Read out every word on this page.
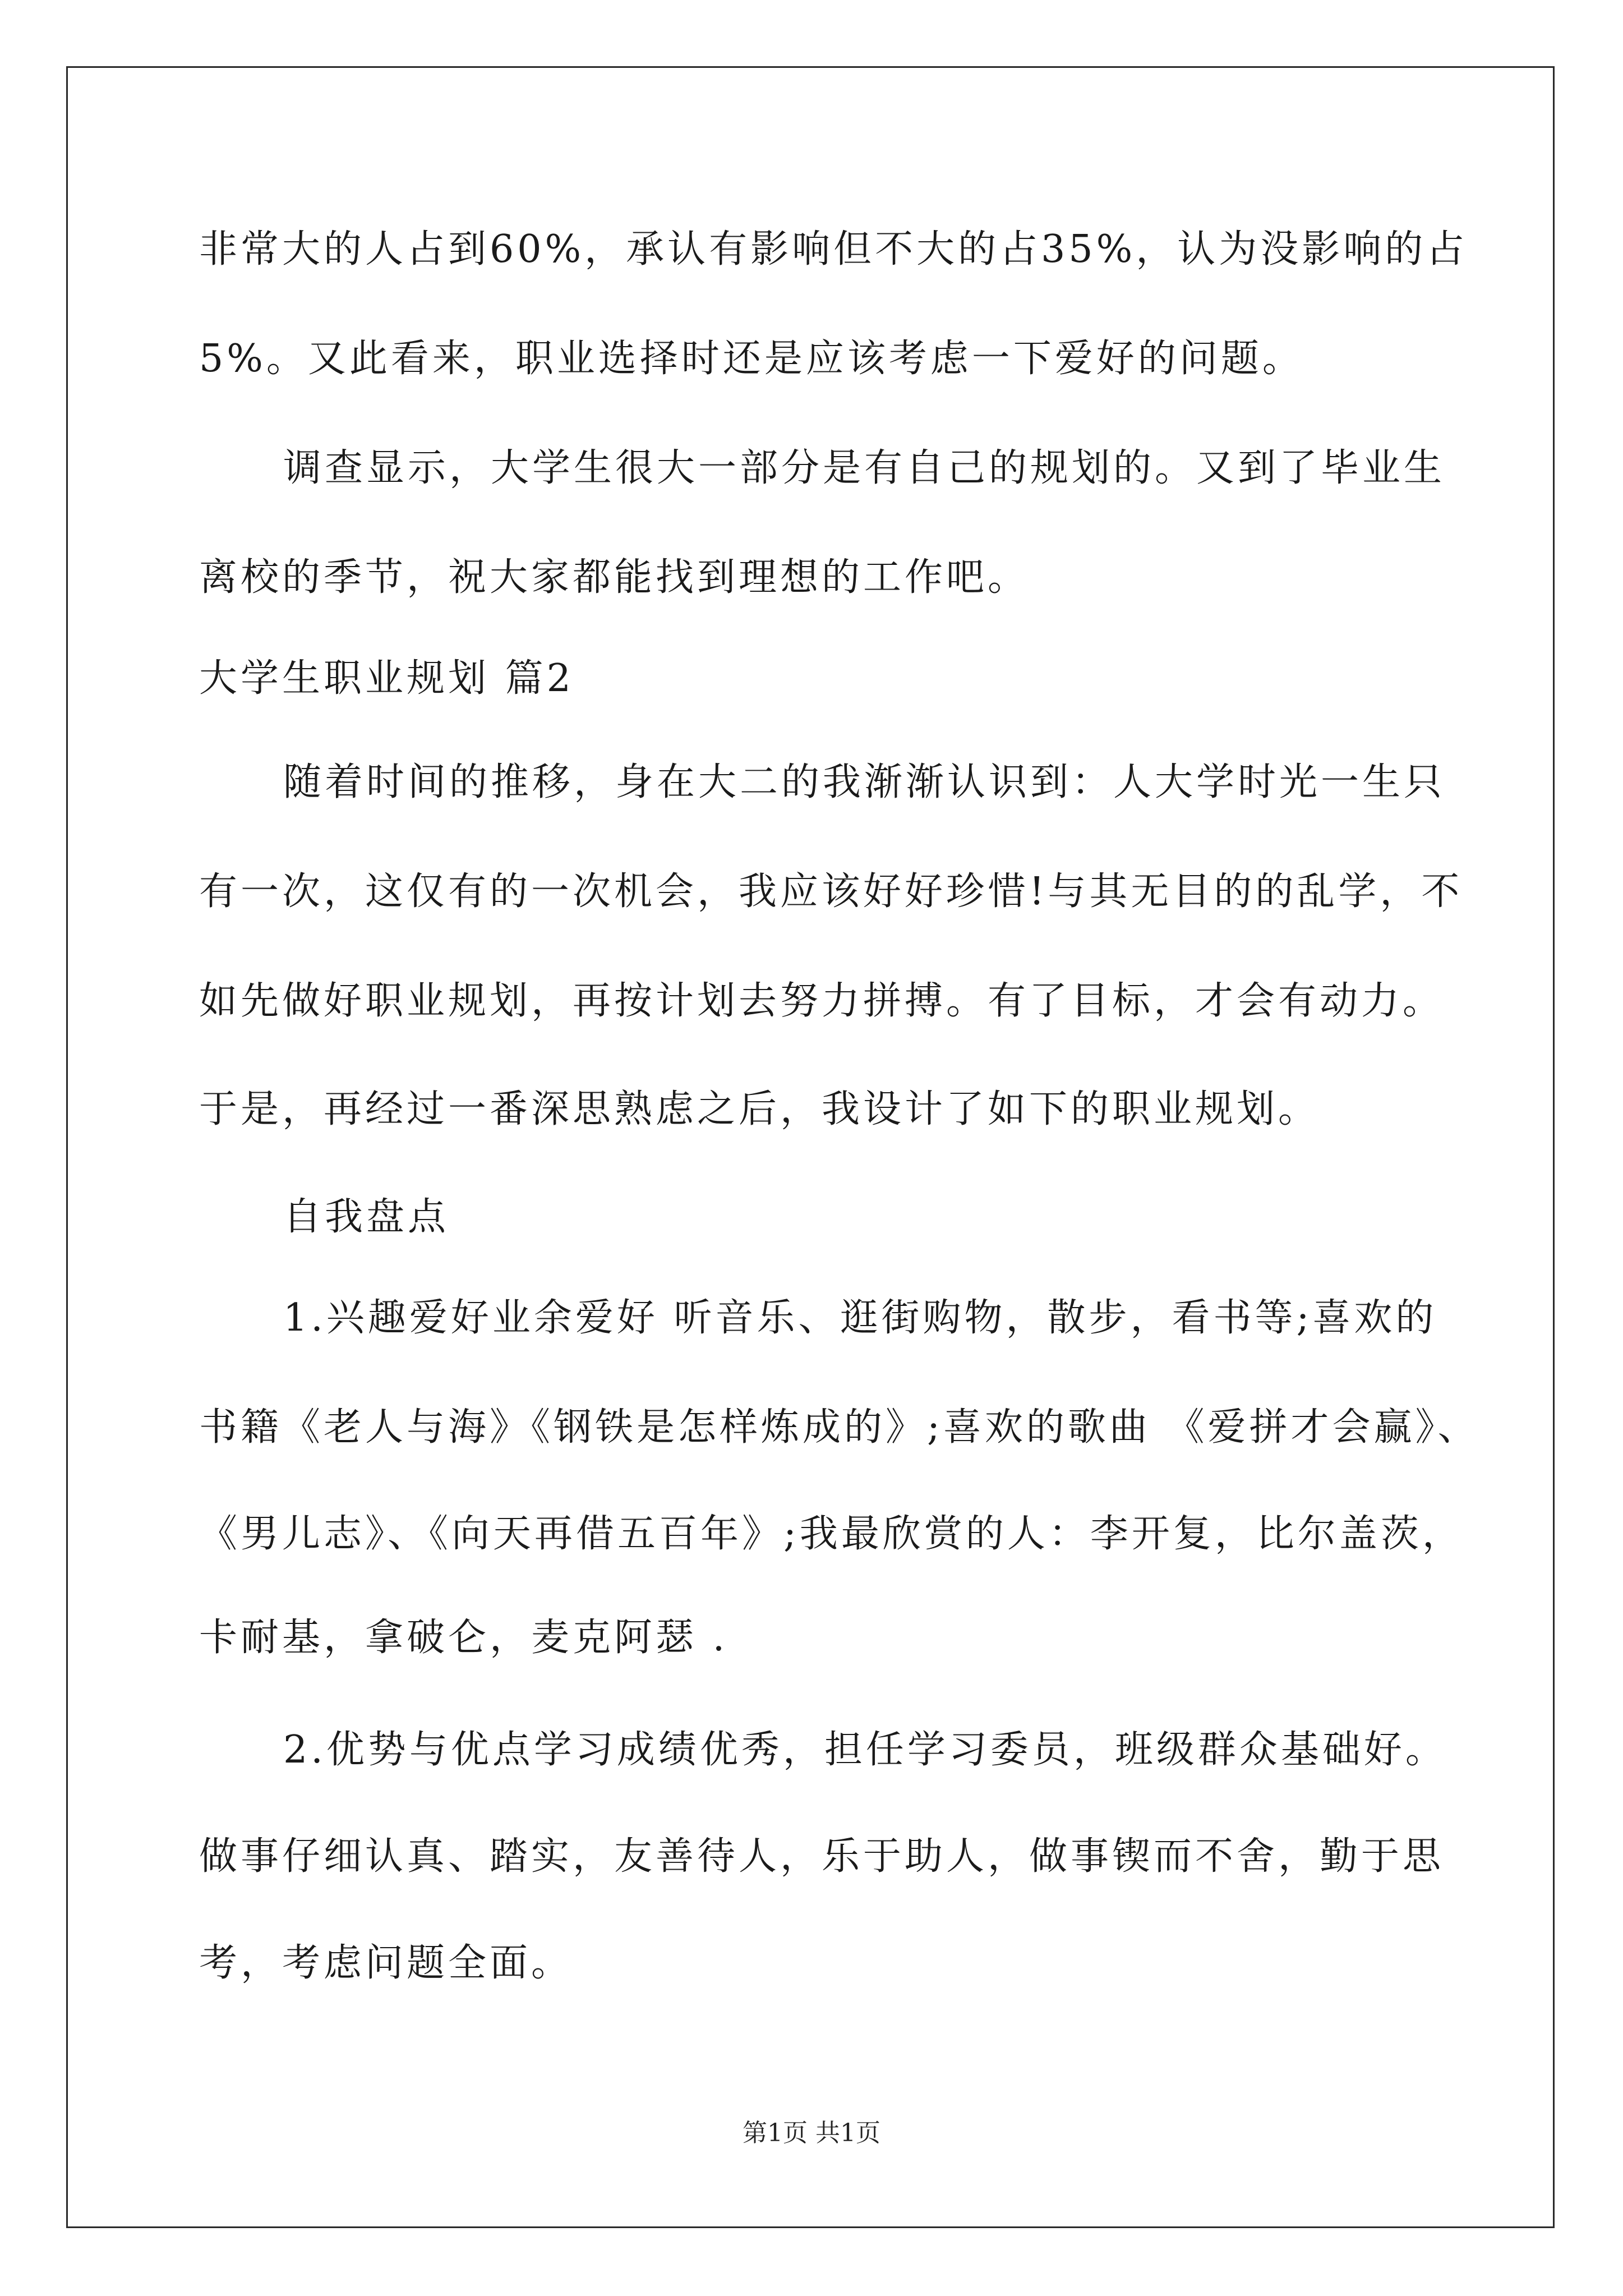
非常大的人占到60%，承认有影响但不大的占35%，认为没影响的占
5%。又此看来，职业选择时还是应该考虑一下爱好的问题。
调查显示，大学生很大一部分是有自己的规划的。又到了毕业生
离校的季节，祝大家都能找到理想的工作吧。
大学生职业规划 篇2
随着时间的推移，身在大二的我渐渐认识到：人大学时光一生只
有一次，这仅有的一次机会，我应该好好珍惜!与其无目的的乱学，不
如先做好职业规划，再按计划去努力拼搏。有了目标，才会有动力。
于是，再经过一番深思熟虑之后，我设计了如下的职业规划。
自我盘点
1.兴趣爱好业余爱好 听音乐、逛街购物，散步，看书等;喜欢的
书籍《老人与海》《钢铁是怎样炼成的》;喜欢的歌曲 《爱拼才会赢》、
《男儿志》、《向天再借五百年》;我最欣赏的人：李开复，比尔盖茨，
卡耐基，拿破仑，麦克阿瑟 .
2.优势与优点学习成绩优秀，担任学习委员，班级群众基础好。
做事仔细认真、踏实，友善待人，乐于助人，做事锲而不舍，勤于思
考，考虑问题全面。
第1页 共1页
